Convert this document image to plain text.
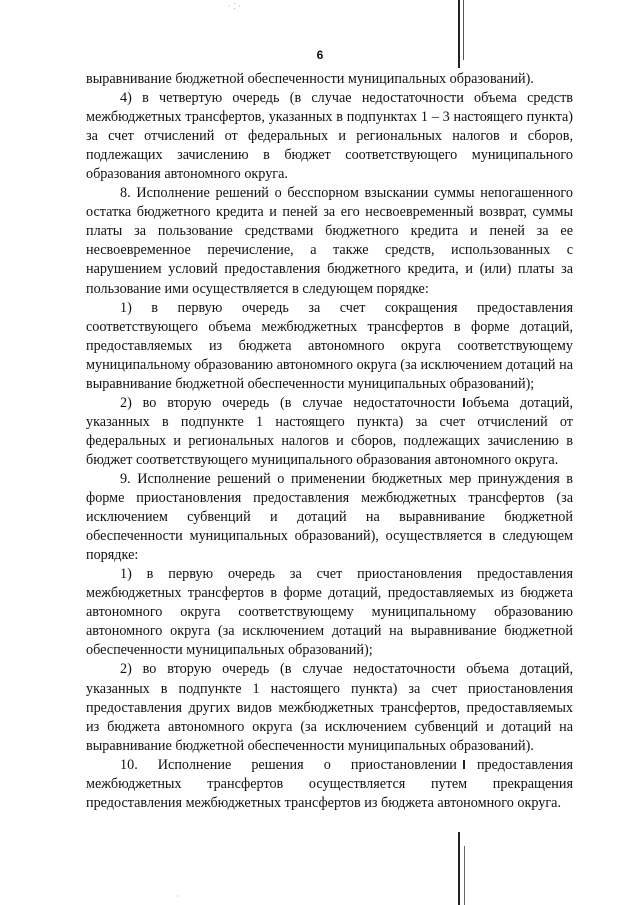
· ⁚ ·
·
6

выравнивание бюджетной обеспеченности муниципальных образований).

4) в четвертую очередь (в случае недостаточности объема средств межбюджетных трансфертов, указанных в подпунктах 1 – 3 настоящего пункта) за счет отчислений от федеральных и региональных налогов и сборов, подлежащих зачислению в бюджет соответствующего муниципального образования автономного округа.

8. Исполнение решений о бесспорном взыскании суммы непогашенного остатка бюджетного кредита и пеней за его несвоевременный возврат, суммы платы за пользование средствами бюджетного кредита и пеней за ее несвоевременное перечисление, а также средств, использованных с нарушением условий предоставления бюджетного кредита, и (или) платы за пользование ими осуществляется в следующем порядке:

1) в первую очередь за счет сокращения предоставления соответствующего объема межбюджетных трансфертов в форме дотаций, предоставляемых из бюджета автономного округа соответствующему муниципальному образованию автономного округа (за исключением дотаций на выравнивание бюджетной обеспеченности муниципальных образований);

2) во вторую очередь (в случае недостаточности объема дотаций, указанных в подпункте 1 настоящего пункта) за счет отчислений от федеральных и региональных налогов и сборов, подлежащих зачислению в бюджет соответствующего муниципального образования автономного округа.

9. Исполнение решений о применении бюджетных мер принуждения в форме приостановления предоставления межбюджетных трансфертов (за исключением субвенций и дотаций на выравнивание бюджетной обеспеченности муниципальных образований), осуществляется в следующем порядке:

1) в первую очередь за счет приостановления предоставления межбюджетных трансфертов в форме дотаций, предоставляемых из бюджета автономного округа соответствующему муниципальному образованию автономного округа (за исключением дотаций на выравнивание бюджетной обеспеченности муниципальных образований);

2) во вторую очередь (в случае недостаточности объема дотаций, указанных в подпункте 1 настоящего пункта) за счет приостановления предоставления других видов межбюджетных трансфертов, предоставляемых из бюджета автономного округа (за исключением субвенций и дотаций на выравнивание бюджетной обеспеченности муниципальных образований).

10. Исполнение решения о приостановлении предоставления межбюджетных трансфертов осуществляется путем прекращения предоставления межбюджетных трансфертов из бюджета автономного округа.
